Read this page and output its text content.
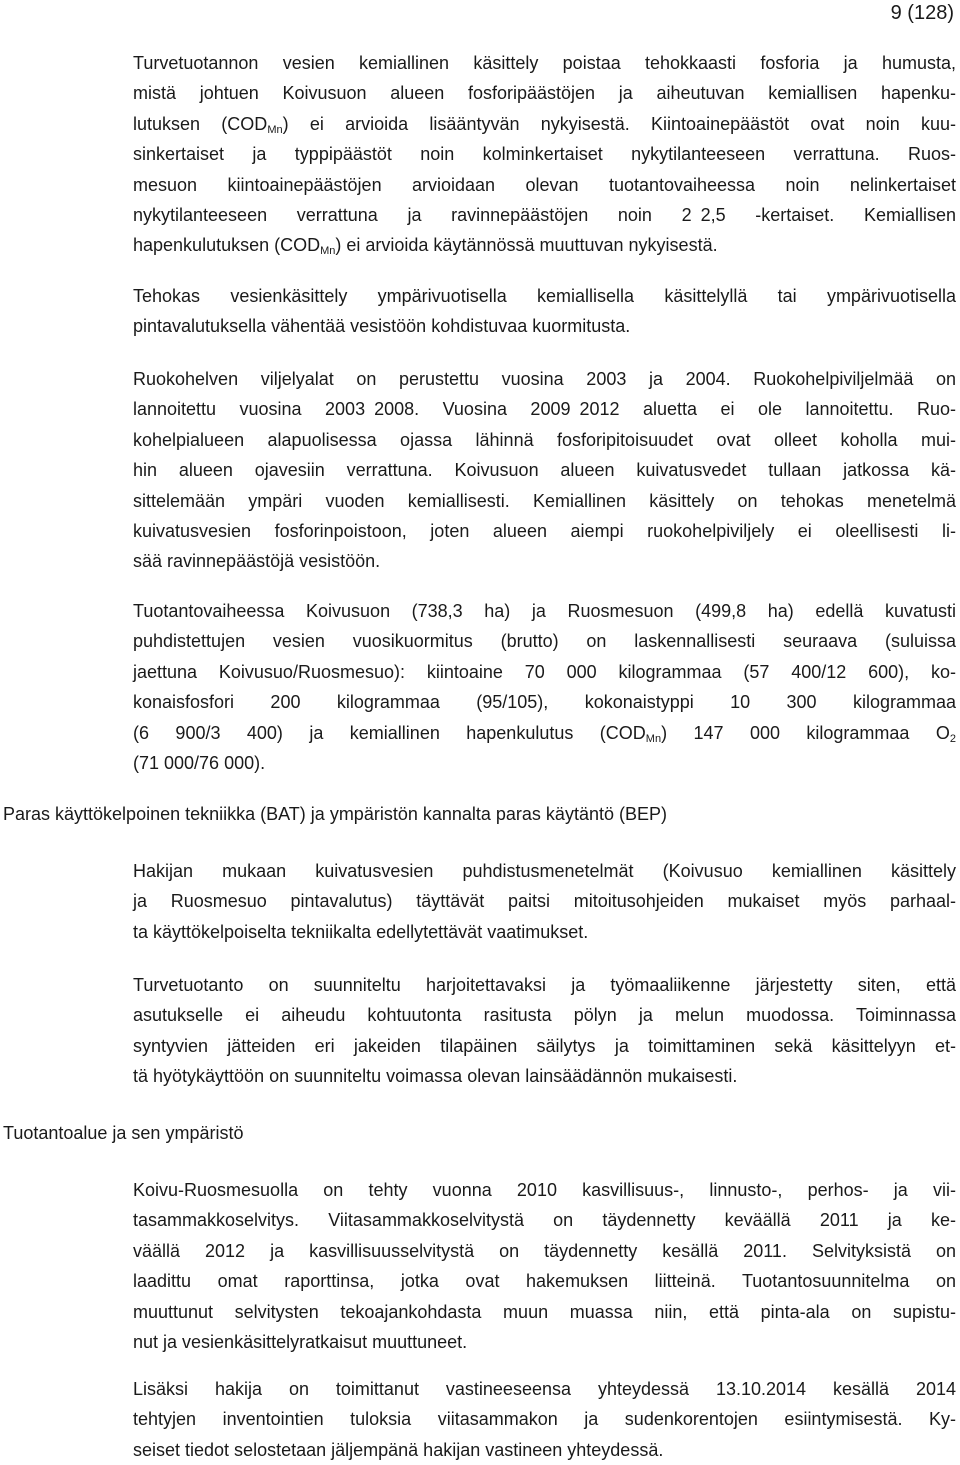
9 (128)
Turvetuotannon vesien kemiallinen käsittely poistaa tehokkaasti fosforia ja humusta,
mistä johtuen Koivusuon alueen fosforipäästöjen ja aiheutuvan kemiallisen hapenku-
lutuksen $(COD_{Mn})$ ei arvioida lisääntyvän nykyisestä. Kiintoainepäästöt ovat noin kuu-
sinkertaiset ja typpipäästöt noin kolminkertaiset nykytilanteeseen verrattuna. Ruos-
mesuon kiintoainepäästöjen arvioidaan olevan tuotantovaiheessa noin nelinkertaiset
nykytilanteeseen verrattuna ja ravinnepäästöjen noin 2 2,5 -kertaiset. Kemiallisen
hapenkulutuksen $(COD_{Mn})$ ei arvioida käytännössä muuttuvan nykyisestä.
Tehokas vesienkäsittely ympärivuotisella kemiallisella käsittelyllä tai ympärivuotisella
pintavalutuksella vähentää vesistöön kohdistuvaa kuormitusta.
Ruokohelven viljelyalat on perustettu vuosina 2003 ja 2004. Ruokohelpiviljelmää on
lannoitettu vuosina 2003 2008. Vuosina 2009 2012 aluetta ei ole lannoitettu. Ruo-
kohelpialueen alapuolisessa ojassa lähinnä fosforipitoisuudet ovat olleet koholla mui-
hin alueen ojavesiin verrattuna. Koivusuon alueen kuivatusvedet tullaan jatkossa kä-
sittelemään ympäri vuoden kemiallisesti. Kemiallinen käsittely on tehokas menetelmä
kuivatusvesien fosforinpoistoon, joten alueen aiempi ruokohelpiviljely ei oleellisesti li-
sää ravinnepäästöjä vesistöön.
Tuotantovaiheessa Koivusuon (738,3 ha) ja Ruosmesuon (499,8 ha) edellä kuvatusti
puhdistettujen vesien vuosikuormitus (brutto) on laskennallisesti seuraava (suluissa
jaettuna Koivusuo/Ruosmesuo): kiintoaine 70 000 kilogrammaa (57 400/12 600), ko-
konaisfosfori 200 kilogrammaa (95/105), kokonaistyppi 10 300 kilogrammaa
(6 900/3 400) ja kemiallinen hapenkulutus $(COD_{Mn})$ 147 000 kilogrammaa $O_2$
(71 000/76 000).
Paras käyttökelpoinen tekniikka (BAT) ja ympäristön kannalta paras käytäntö (BEP)
Hakijan mukaan kuivatusvesien puhdistusmenetelmät (Koivusuo kemiallinen käsittely
ja Ruosmesuo pintavalutus) täyttävät paitsi mitoitusohjeiden mukaiset myös parhaal-
ta käyttökelpoiselta tekniikalta edellytettävät vaatimukset.
Turvetuotanto on suunniteltu harjoitettavaksi ja työmaaliikenne järjestetty siten, että
asutukselle ei aiheudu kohtuutonta rasitusta pölyn ja melun muodossa. Toiminnassa
syntyvien jätteiden eri jakeiden tilapäinen säilytys ja toimittaminen sekä käsittelyyn et-
tä hyötykäyttöön on suunniteltu voimassa olevan lainsäädännön mukaisesti.
Tuotantoalue ja sen ympäristö
Koivu-Ruosmesuolla on tehty vuonna 2010 kasvillisuus-, linnusto-, perhos- ja vii-
tasammakkoselvitys. Viitasammakkoselvitystä on täydennetty keväällä 2011 ja ke-
väällä 2012 ja kasvillisuusselvitystä on täydennetty kesällä 2011. Selvityksistä on
laadittu omat raporttinsa, jotka ovat hakemuksen liitteinä. Tuotantosuunnitelma on
muuttunut selvitysten tekoajankohdasta muun muassa niin, että pinta-ala on supistu-
nut ja vesienkäsittelyratkaisut muuttuneet.
Lisäksi hakija on toimittanut vastineeseensa yhteydessä 13.10.2014 kesällä 2014
tehtyjen inventointien tuloksia viitasammakon ja sudenkorentojen esiintymisestä. Ky-
seiset tiedot selostetaan jäljempänä hakijan vastineen yhteydessä.
